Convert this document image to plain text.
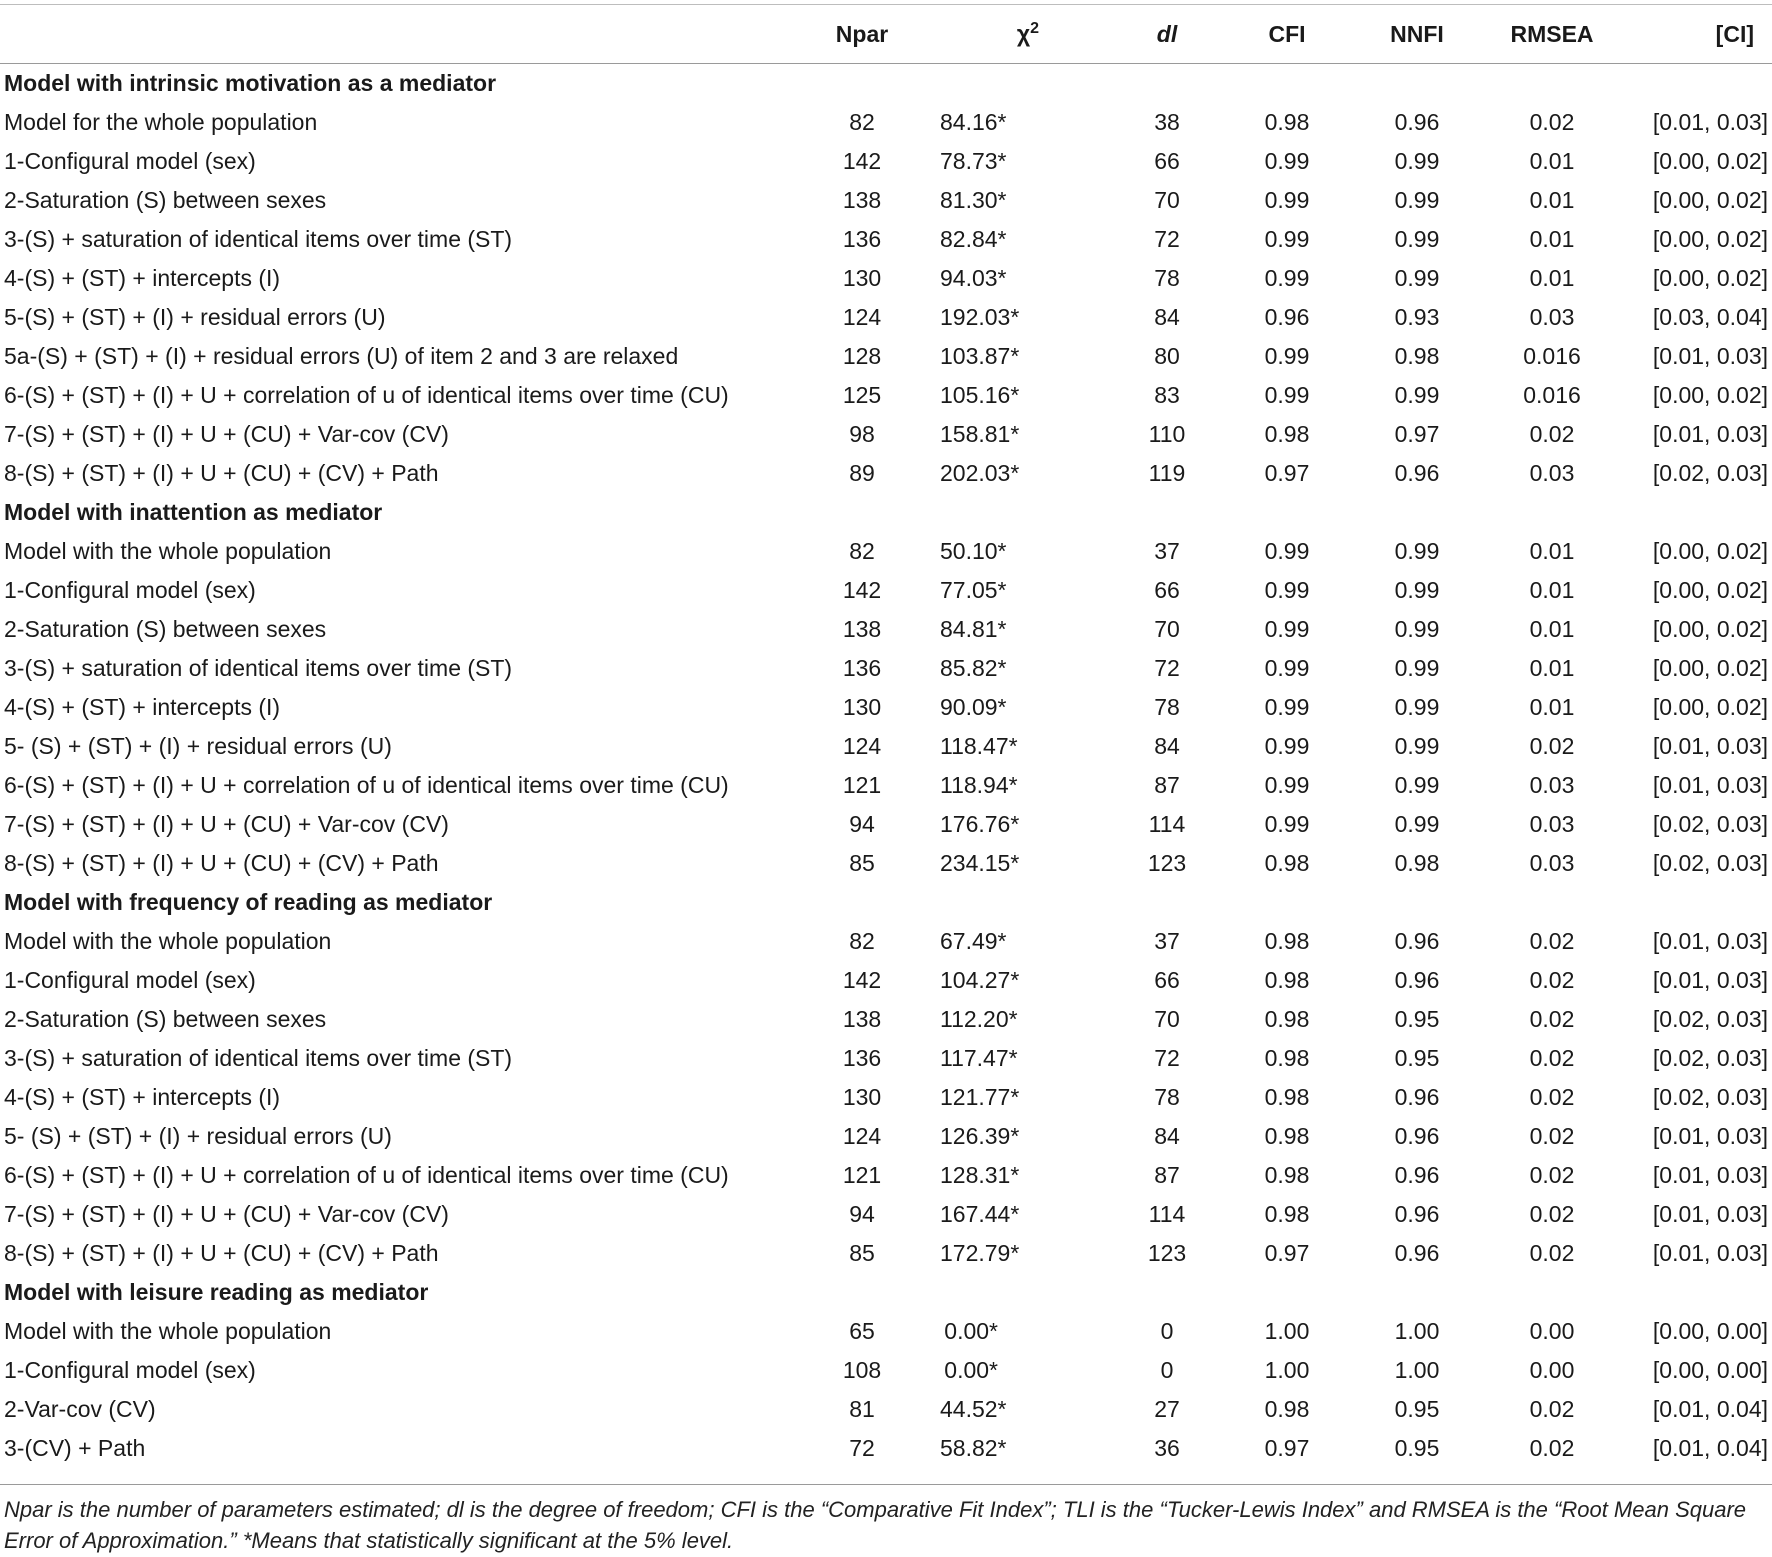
	Npar	$\chi^2$	dl	CFI	NNFI	RMSEA	[CI]
Model with intrinsic motivation as a mediator							
Model for the whole population	82	84.16*	38	0.98	0.96	0.02	[0.01, 0.03]
1-Configural model (sex)	142	78.73*	66	0.99	0.99	0.01	[0.00, 0.02]
2-Saturation (S) between sexes	138	81.30*	70	0.99	0.99	0.01	[0.00, 0.02]
3-(S) + saturation of identical items over time (ST)	136	82.84*	72	0.99	0.99	0.01	[0.00, 0.02]
4-(S) + (ST) + intercepts (I)	130	94.03*	78	0.99	0.99	0.01	[0.00, 0.02]
5-(S) + (ST) + (I) + residual errors (U)	124	192.03*	84	0.96	0.93	0.03	[0.03, 0.04]
5a-(S) + (ST) + (I) + residual errors (U) of item 2 and 3 are relaxed	128	103.87*	80	0.99	0.98	0.016	[0.01, 0.03]
6-(S) + (ST) + (I) + U + correlation of u of identical items over time (CU)	125	105.16*	83	0.99	0.99	0.016	[0.00, 0.02]
7-(S) + (ST) + (I) + U + (CU) + Var-cov (CV)	98	158.81*	110	0.98	0.97	0.02	[0.01, 0.03]
8-(S) + (ST) + (I) + U + (CU) + (CV) + Path	89	202.03*	119	0.97	0.96	0.03	[0.02, 0.03]
Model with inattention as mediator							
Model with the whole population	82	50.10*	37	0.99	0.99	0.01	[0.00, 0.02]
1-Configural model (sex)	142	77.05*	66	0.99	0.99	0.01	[0.00, 0.02]
2-Saturation (S) between sexes	138	84.81*	70	0.99	0.99	0.01	[0.00, 0.02]
3-(S) + saturation of identical items over time (ST)	136	85.82*	72	0.99	0.99	0.01	[0.00, 0.02]
4-(S) + (ST) + intercepts (I)	130	90.09*	78	0.99	0.99	0.01	[0.00, 0.02]
5- (S) + (ST) + (I) + residual errors (U)	124	118.47*	84	0.99	0.99	0.02	[0.01, 0.03]
6-(S) + (ST) + (I) + U + correlation of u of identical items over time (CU)	121	118.94*	87	0.99	0.99	0.03	[0.01, 0.03]
7-(S) + (ST) + (I) + U + (CU) + Var-cov (CV)	94	176.76*	114	0.99	0.99	0.03	[0.02, 0.03]
8-(S) + (ST) + (I) + U + (CU) + (CV) + Path	85	234.15*	123	0.98	0.98	0.03	[0.02, 0.03]
Model with frequency of reading as mediator							
Model with the whole population	82	67.49*	37	0.98	0.96	0.02	[0.01, 0.03]
1-Configural model (sex)	142	104.27*	66	0.98	0.96	0.02	[0.01, 0.03]
2-Saturation (S) between sexes	138	112.20*	70	0.98	0.95	0.02	[0.02, 0.03]
3-(S) + saturation of identical items over time (ST)	136	117.47*	72	0.98	0.95	0.02	[0.02, 0.03]
4-(S) + (ST) + intercepts (I)	130	121.77*	78	0.98	0.96	0.02	[0.02, 0.03]
5- (S) + (ST) + (I) + residual errors (U)	124	126.39*	84	0.98	0.96	0.02	[0.01, 0.03]
6-(S) + (ST) + (I) + U + correlation of u of identical items over time (CU)	121	128.31*	87	0.98	0.96	0.02	[0.01, 0.03]
7-(S) + (ST) + (I) + U + (CU) + Var-cov (CV)	94	167.44*	114	0.98	0.96	0.02	[0.01, 0.03]
8-(S) + (ST) + (I) + U + (CU) + (CV) + Path	85	172.79*	123	0.97	0.96	0.02	[0.01, 0.03]
Model with leisure reading as mediator							
Model with the whole population	65	0.00*	0	1.00	1.00	0.00	[0.00, 0.00]
1-Configural model (sex)	108	0.00*	0	1.00	1.00	0.00	[0.00, 0.00]
2-Var-cov (CV)	81	44.52*	27	0.98	0.95	0.02	[0.01, 0.04]
3-(CV) + Path	72	58.82*	36	0.97	0.95	0.02	[0.01, 0.04]
Npar is the number of parameters estimated; dl is the degree of freedom; CFI is the “Comparative Fit Index”; TLI is the “Tucker-Lewis Index” and RMSEA is the “Root Mean Square Error of Approximation.” *Means that statistically significant at the 5% level.
